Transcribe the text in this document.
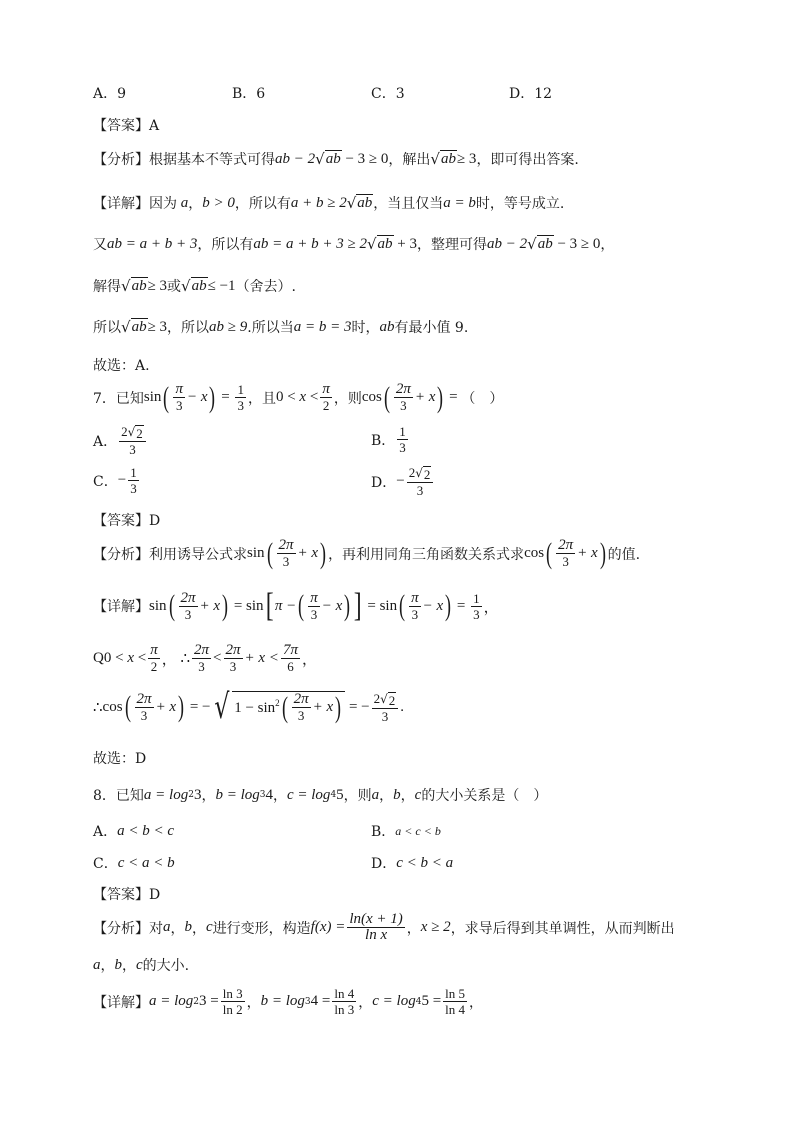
A．9	B．6	C．3	D．12
【答案】A
【分析】 根据基本不等式可得 ab − 2 √ ab
− 3 ≥ 0 ，解出 √ ab ≥ 3 ，即可得出答案.
【详解】 因为 a ， b > 0 ，所以有 a + b ≥ 2 √ ab ，当且仅当 a = b 时，等号成立.
又 ab = a + b + 3 ，所以有 ab = a + b + 3 ≥ 2 √ ab
+ 3 ，整理可得 ab − 2 √ ab
− 3 ≥ 0 ，
解得 √ ab ≥ 3 或 √ ab ≤ −1 （舍去）.
所以 √ ab ≥ 3 ，所以 ab ≥ 9 .所以当 a = b = 3 时， ab 有最小值 9.
故选：A.
7．已知 sin ( $\frac{\pi}{3} - x$ ) = $\frac{1}{3}$ ，且 $0 < x < \frac{\pi}{2}$ ，则 cos ( $\frac{2\pi}{3} + x$ ) = （　）
A． $\frac{2 √ 2}{3}$	B． $\frac{1}{3}$
C． − $\frac{1}{3}$	D． − $\frac{2 √ 2}{3}$
【答案】D
【分析】 利用诱导公式求 sin ( $\frac{2\pi}{3} + x$ ) ，再利用同角三角函数关系式求 cos ( $\frac{2\pi}{3} + x$ ) 的值.
【详解】 sin ( $\frac{2\pi}{3} + x$ ) = sin [ π − ( $\frac{\pi}{3} - x$ ) ] = sin ( $\frac{\pi}{3} - x$ ) = $\frac{1}{3}$ ，
Q $0 < x < \frac{\pi}{2}$ ， ∴ $\frac{2\pi}{3} < \frac{2\pi}{3} + x < \frac{7\pi}{6}$ ，
∴ cos ( $\frac{2\pi}{3} + x$ ) = − √ $1 - \sin^2$ ( $\frac{2\pi}{3} + x$ ) = − $\frac{2 √ 2}{3}$ .
故选：D
8．已知 a = log 2 3 ， b = log 3 4 ， c = log 4 5 ，则 a ， b ， c 的大小关系是（　）
A． a < b < c	B． a < c < b
C． c < a < b	D． c < b < a
【答案】D
【分析】 对 a ， b ， c 进行变形，构造 $f(x) = \frac{\ln(x + 1)}{\text{ln x}}$ ， x ≥ 2 ，求导后得到其单调性，从而判断出
a ， b ， c 的大小.
【详解】 a = log 2 $3 = \frac{\ln 3}{\ln 2}$ ， b = log 3 $4 = \frac{\ln 4}{\ln 3}$ ， c = log 4 $5 = \frac{\ln 5}{\ln 4}$ ，
